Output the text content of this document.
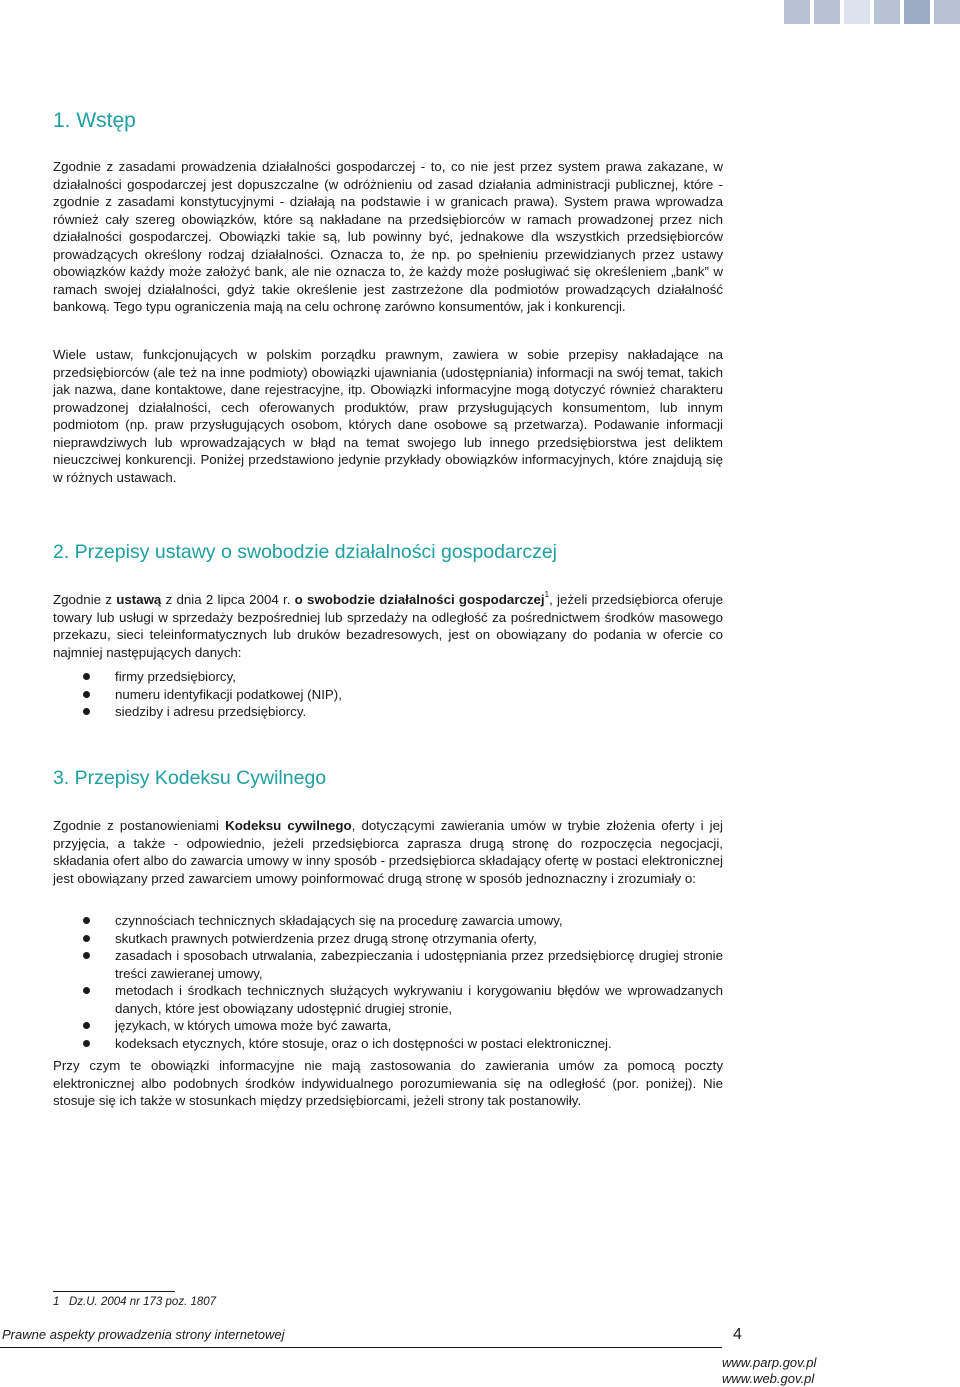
1. Wstęp

Zgodnie z zasadami prowadzenia działalności gospodarczej - to, co nie jest przez system prawa zakazane, w działalności gospodarczej jest dopuszczalne (w odróżnieniu od zasad działania administracji publicznej, które - zgodnie z zasadami konstytucyjnymi - działają na podstawie i w granicach prawa). System prawa wprowadza również cały szereg obowiązków, które są nakładane na przedsiębiorców w ramach prowadzonej przez nich działalności gospodarczej. Obowiązki takie są, lub powinny być, jednakowe dla wszystkich przedsiębiorców prowadzących określony rodzaj działalności. Oznacza to, że np. po spełnieniu przewidzianych przez ustawy obowiązków każdy może założyć bank, ale nie oznacza to, że każdy może posługiwać się określeniem „bank” w ramach swojej działalności, gdyż takie określenie jest zastrzeżone dla podmiotów prowadzących działalność bankową. Tego typu ograniczenia mają na celu ochronę zarówno konsumentów, jak i konkurencji.

Wiele ustaw, funkcjonujących w polskim porządku prawnym, zawiera w sobie przepisy nakładające na przedsiębiorców (ale też na inne podmioty) obowiązki ujawniania (udostępniania) informacji na swój temat, takich jak nazwa, dane kontaktowe, dane rejestracyjne, itp. Obowiązki informacyjne mogą dotyczyć również charakteru prowadzonej działalności, cech oferowanych produktów, praw przysługujących konsumentom, lub innym podmiotom (np. praw przysługujących osobom, których dane osobowe są przetwarza). Podawanie informacji nieprawdziwych lub wprowadzających w błąd na temat swojego lub innego przedsiębiorstwa jest deliktem nieuczciwej konkurencji. Poniżej przedstawiono jedynie przykłady obowiązków informacyjnych, które znajdują się w różnych ustawach.

2. Przepisy ustawy o swobodzie działalności gospodarczej

Zgodnie z ustawą z dnia 2 lipca 2004 r. o swobodzie działalności gospodarczej$^1$, jeżeli przedsiębiorca oferuje towary lub usługi w sprzedaży bezpośredniej lub sprzedaży na odległość za pośrednictwem środków masowego przekazu, sieci teleinformatycznych lub druków bezadresowych, jest on obowiązany do podania w ofercie co najmniej następujących danych:

firmy przedsiębiorcy,
numeru identyfikacji podatkowej (NIP),
siedziby i adresu przedsiębiorcy.
3. Przepisy Kodeksu Cywilnego

Zgodnie z postanowieniami Kodeksu cywilnego, dotyczącymi zawierania umów w trybie złożenia oferty i jej przyjęcia, a także - odpowiednio, jeżeli przedsiębiorca zaprasza drugą stronę do rozpoczęcia negocjacji, składania ofert albo do zawarcia umowy w inny sposób - przedsiębiorca składający ofertę w postaci elektronicznej jest obowiązany przed zawarciem umowy poinformować drugą stronę w sposób jednoznaczny i zrozumiały o:

czynnościach technicznych składających się na procedurę zawarcia umowy,
skutkach prawnych potwierdzenia przez drugą stronę otrzymania oferty,
zasadach i sposobach utrwalania, zabezpieczania i udostępniania przez przedsiębiorcę drugiej stronie treści zawieranej umowy,
metodach i środkach technicznych służących wykrywaniu i korygowaniu błędów we wprowadzanych danych, które jest obowiązany udostępnić drugiej stronie,
językach, w których umowa może być zawarta,
kodeksach etycznych, które stosuje, oraz o ich dostępności w postaci elektronicznej.

Przy czym te obowiązki informacyjne nie mają zastosowania do zawierania umów za pomocą poczty elektronicznej albo podobnych środków indywidualnego porozumiewania się na odległość (por. poniżej). Nie stosuje się ich także w stosunkach między przedsiębiorcami, jeżeli strony tak postanowiły.

1 Dz.U. 2004 nr 173 poz. 1807
Prawne aspekty prowadzenia strony internetowej	4
www.parp.gov.pl
www.web.gov.pl
